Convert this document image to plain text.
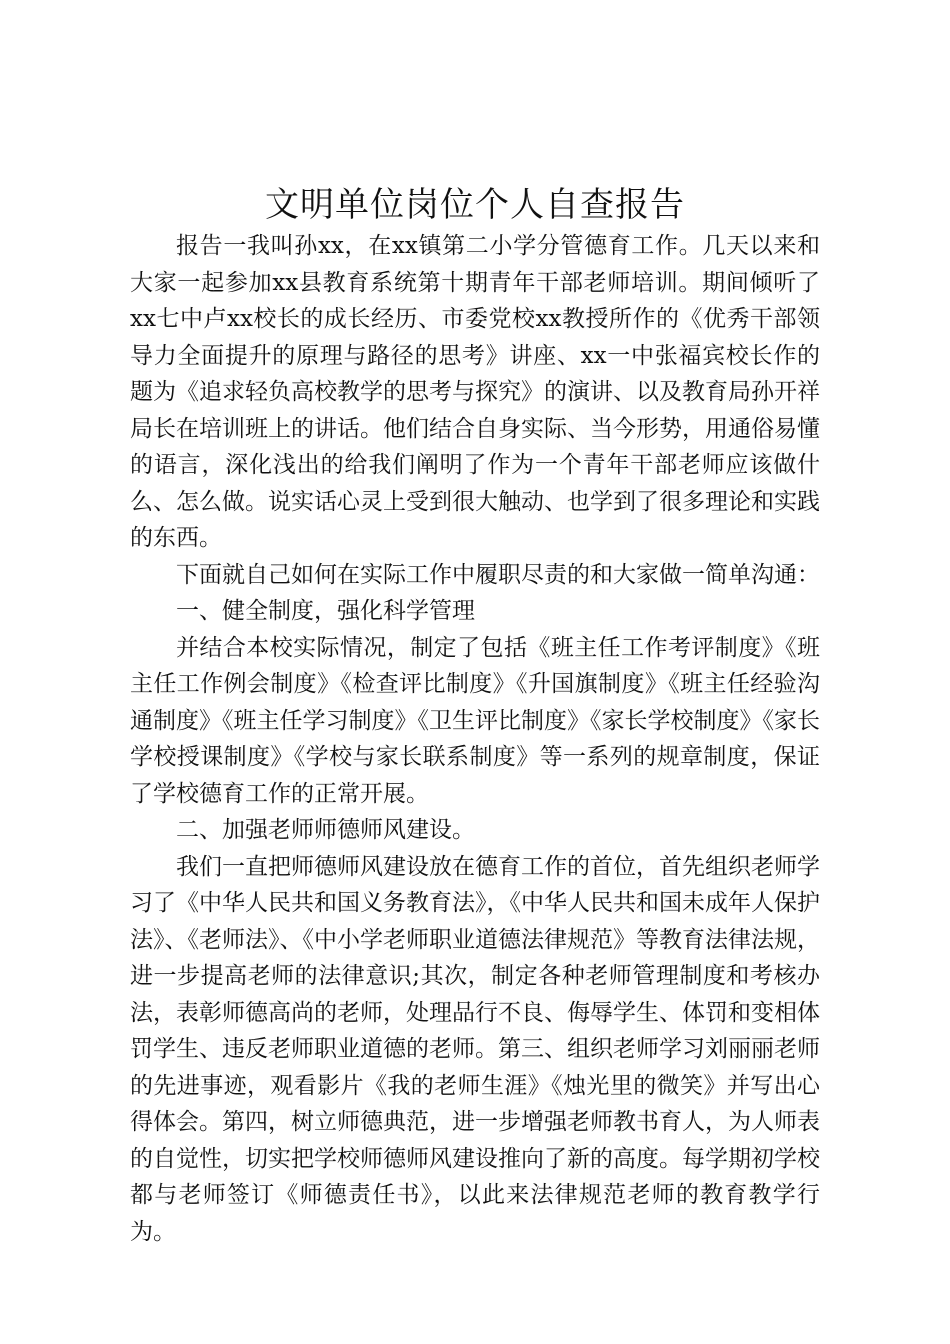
文明单位岗位个人自查报告

报告一我叫孙xx，在xx镇第二小学分管德育工作。几天以来和大家一起参加xx县教育系统第十期青年干部老师培训。期间倾听了xx七中卢xx校长的成长经历、市委党校xx教授所作的《优秀干部领导力全面提升的原理与路径的思考》讲座、xx一中张福宾校长作的题为《追求轻负高校教学的思考与探究》的演讲、以及教育局孙开祥局长在培训班上的讲话。他们结合自身实际、当今形势，用通俗易懂的语言，深化浅出的给我们阐明了作为一个青年干部老师应该做什么、怎么做。说实话心灵上受到很大触动、也学到了很多理论和实践的东西。

下面就自己如何在实际工作中履职尽责的和大家做一简单沟通：

一、健全制度，强化科学管理

并结合本校实际情况，制定了包括《班主任工作考评制度》《班主任工作例会制度》《检查评比制度》《升国旗制度》《班主任经验沟通制度》《班主任学习制度》《卫生评比制度》《家长学校制度》《家长学校授课制度》《学校与家长联系制度》等一系列的规章制度，保证了学校德育工作的正常开展。

二、加强老师师德师风建设。

我们一直把师德师风建设放在德育工作的首位，首先组织老师学习了《中华人民共和国义务教育法》，《中华人民共和国未成年人保护法》、《老师法》、《中小学老师职业道德法律规范》等教育法律法规，进一步提高老师的法律意识;其次，制定各种老师管理制度和考核办法，表彰师德高尚的老师，处理品行不良、侮辱学生、体罚和变相体罚学生、违反老师职业道德的老师。第三、组织老师学习刘丽丽老师的先进事迹，观看影片《我的老师生涯》《烛光里的微笑》并写出心得体会。第四，树立师德典范，进一步增强老师教书育人，为人师表的自觉性，切实把学校师德师风建设推向了新的高度。每学期初学校都与老师签订《师德责任书》，以此来法律规范老师的教育教学行为。
